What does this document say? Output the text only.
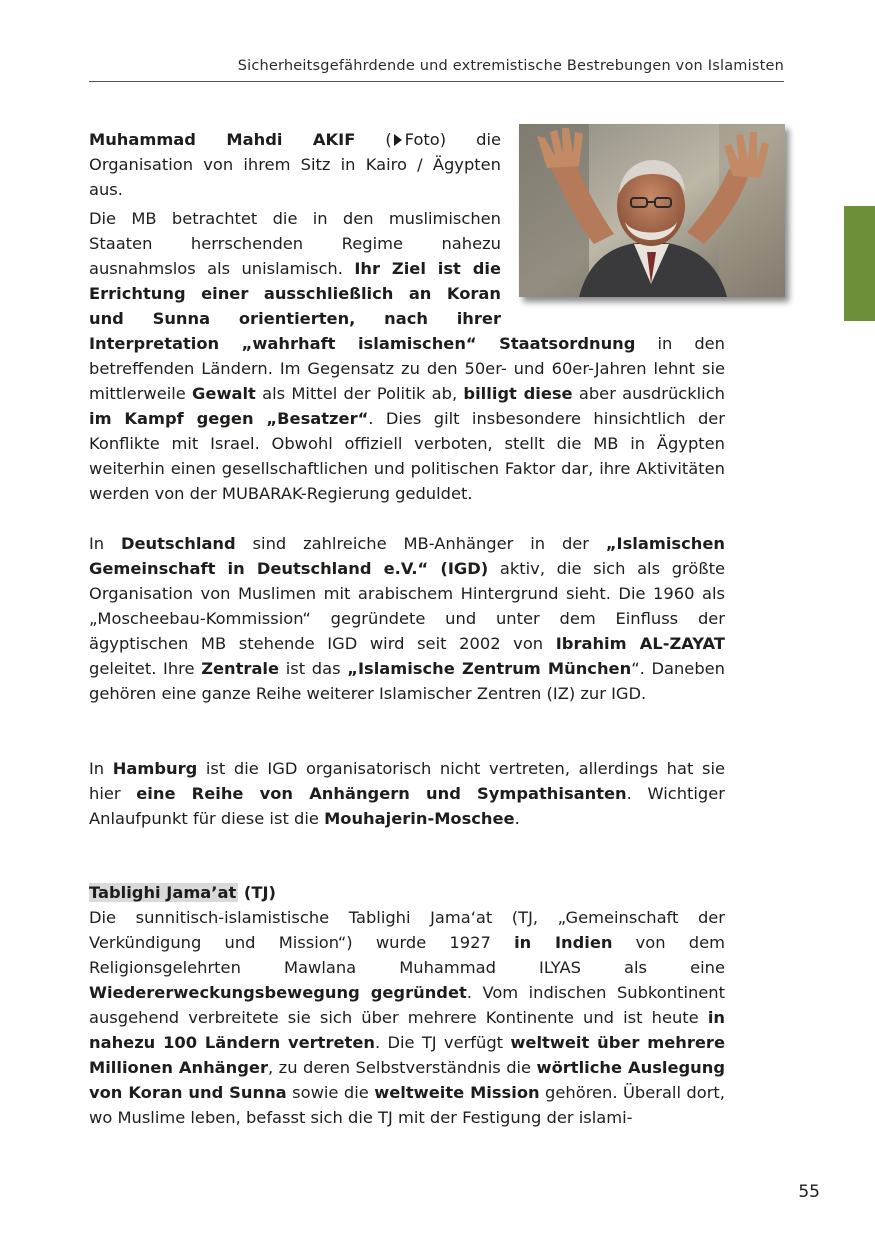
Sicherheitsgefährdende und extremistische Bestrebungen von Islamisten
Muhammad Mahdi AKIF ( Foto) die Organisation von ihrem Sitz in Kairo / Ägypten aus.
Die MB betrachtet die in den muslimischen Staaten herrschenden Regime nahezu ausnahmslos als unislamisch. Ihr Ziel ist die Errichtung einer ausschließlich an Koran und Sunna orientierten, nach ihrer Interpretation „wahrhaft islamischen“ Staatsordnung in den betreffenden Ländern. Im Gegensatz zu den 50er- und 60er-Jahren lehnt sie mittlerweile Gewalt als Mittel der Politik ab, billigt diese aber ausdrücklich im Kampf gegen „Besatzer“. Dies gilt insbesondere hinsichtlich der Konflikte mit Israel. Obwohl offiziell verboten, stellt die MB in Ägypten weiterhin einen gesellschaftlichen und politischen Faktor dar, ihre Aktivitäten werden von der MUBARAK-Regierung geduldet.
In Deutschland sind zahlreiche MB-Anhänger in der „Islamischen Gemeinschaft in Deutschland e.V.“ (IGD) aktiv, die sich als größte Organisation von Muslimen mit arabischem Hintergrund sieht. Die 1960 als „Moscheebau-Kommission“ gegründete und unter dem Einfluss der ägyptischen MB stehende IGD wird seit 2002 von Ibrahim AL-ZAYAT geleitet. Ihre Zentrale ist das „Islamische Zentrum München“. Daneben gehören eine ganze Reihe weiterer Islamischer Zentren (IZ) zur IGD.
In Hamburg ist die IGD organisatorisch nicht vertreten, allerdings hat sie hier eine Reihe von Anhängern und Sympathisanten. Wichtiger Anlaufpunkt für diese ist die Mouhajerin-Moschee.
Tablighi Jama’at (TJ)
Die sunnitisch-islamistische Tablighi Jama‘at (TJ, „Gemeinschaft der Verkündigung und Mission“) wurde 1927 in Indien von dem Religionsgelehrten Mawlana Muhammad ILYAS als eine Wiedererweckungsbewegung gegründet. Vom indischen Subkontinent ausgehend verbreitete sie sich über mehrere Kontinente und ist heute in nahezu 100 Ländern vertreten. Die TJ verfügt weltweit über mehrere Millionen Anhänger, zu deren Selbstverständnis die wörtliche Auslegung von Koran und Sunna sowie die weltweite Mission gehören. Überall dort, wo Muslime leben, befasst sich die TJ mit der Festigung der islami-
55
